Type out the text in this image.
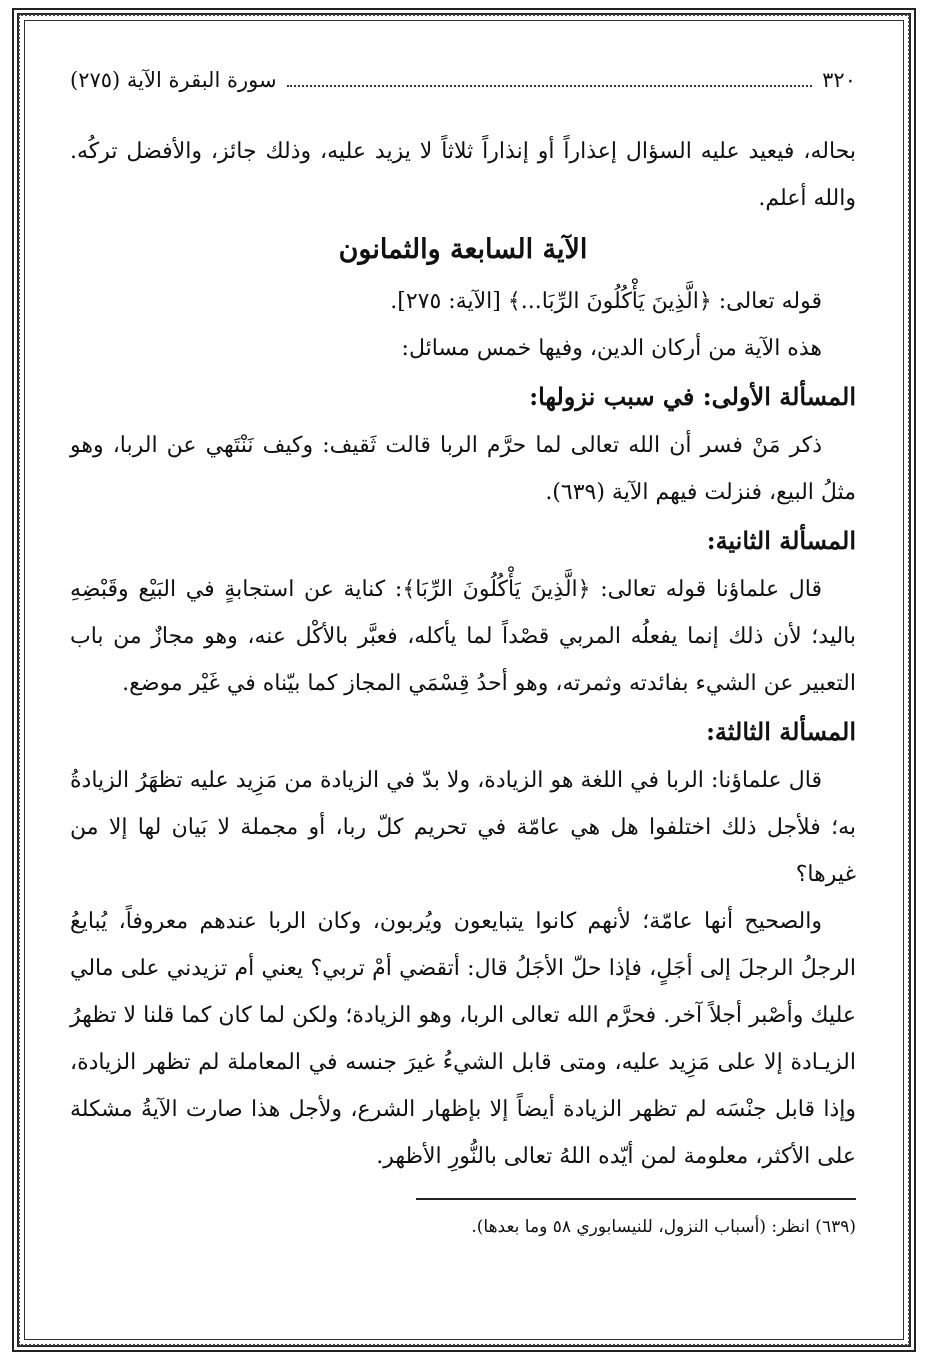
٣٢٠
سورة البقرة الآية (٢٧٥)

بحاله، فيعيد عليه السؤال إعذاراً أو إنذاراً ثلاثاً لا يزيد عليه، وذلك جائز، والأفضل تركُه. والله أعلم.

الآية السابعة والثمانون

قوله تعالى: ﴿الَّذِينَ يَأْكُلُونَ الرِّبَا...﴾ [الآية: ٢٧٥].

هذه الآية من أركان الدين، وفيها خمس مسائل:

المسألة الأولى: في سبب نزولها:

ذكر مَنْ فسر أن الله تعالى لما حرَّم الربا قالت ثَقيف: وكيف نَنْتَهي عن الربا، وهو مثلُ البيع، فنزلت فيهم الآية (٦٣٩).

المسألة الثانية:

قال علماؤنا قوله تعالى: ﴿الَّذِينَ يَأْكُلُونَ الرِّبَا﴾: كناية عن استجابةٍ في البَيْع وقَبْضِهِ باليد؛ لأن ذلك إنما يفعلُه المربي قصْداً لما يأكله، فعبَّر بالأكْل عنه، وهو مجازٌ من باب التعبير عن الشيء بفائدته وثمرته، وهو أحدُ قِسْمَي المجاز كما بيّناه في غَيْر موضع.

المسألة الثالثة:

قال علماؤنا: الربا في اللغة هو الزيادة، ولا بدّ في الزيادة من مَزِيد عليه تظهَرُ الزيادةُ به؛ فلأجل ذلك اختلفوا هل هي عامّة في تحريم كلّ ربا، أو مجملة لا بَيان لها إلا من غيرها؟

والصحيح أنها عامّة؛ لأنهم كانوا يتبايعون ويُربون، وكان الربا عندهم معروفاً، يُبايعُ الرجلُ الرجلَ إلى أجَلٍ، فإذا حلّ الأجَلُ قال: أتقضي أمْ تربي؟ يعني أم تزيدني على مالي عليك وأصْبر أجلاً آخر. فحرَّم الله تعالى الربا، وهو الزيادة؛ ولكن لما كان كما قلنا لا تظهرُ الزيـادة إلا على مَزِيد عليه، ومتى قابل الشيءُ غيرَ جنسه في المعاملة لم تظهر الزيادة، وإذا قابل جنْسَه لم تظهر الزيادة أيضاً إلا بإظهار الشرع، ولأجل هذا صارت الآيةُ مشكلة على الأكثر، معلومة لمن أيّده اللهُ تعالى بالنُّورِ الأظهر.

(٦٣٩) انظر: (أسباب النزول، للنيسابوري ٥٨ وما بعدها).
